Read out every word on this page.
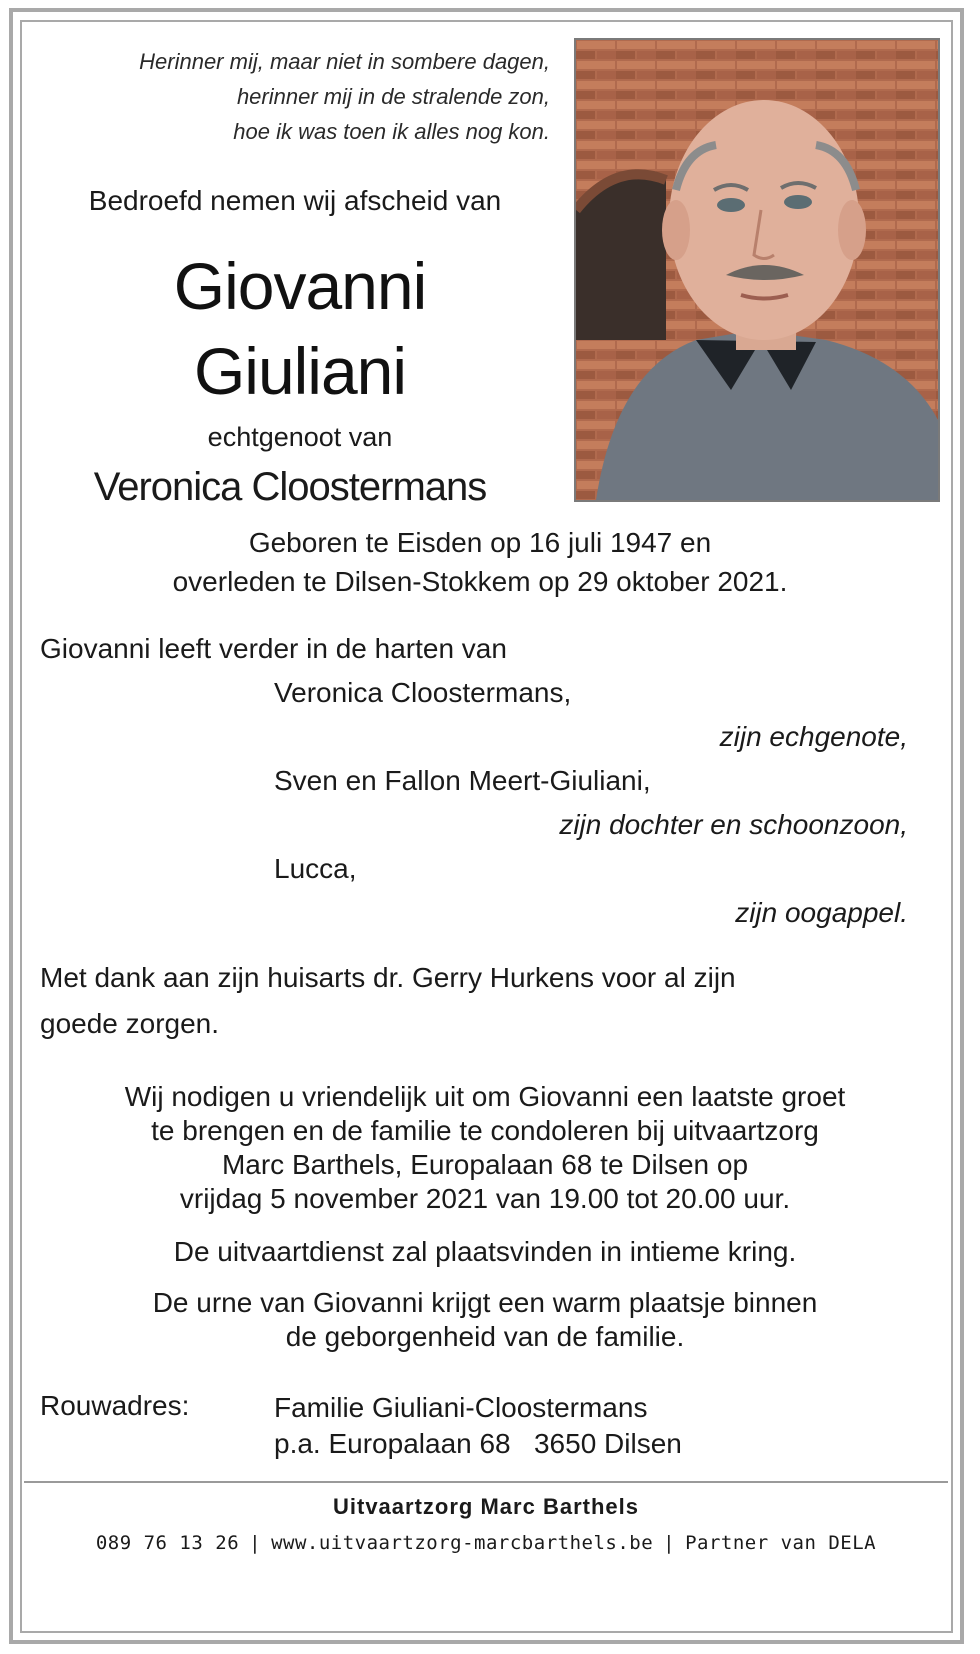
Herinner mij, maar niet in sombere dagen,
herinner mij in de stralende zon,
hoe ik was toen ik alles nog kon.
Bedroefd nemen wij afscheid van
Giovanni
Giuliani
echtgenoot van
Veronica Cloostermans
Geboren te Eisden op 16 juli 1947 en
overleden te Dilsen-Stokkem op 29 oktober 2021.
Giovanni leeft verder in de harten van
Veronica Cloostermans,
zijn echgenote,
Sven en Fallon Meert-Giuliani,
zijn dochter en schoonzoon,
Lucca,
zijn oogappel.
Met dank aan zijn huisarts dr. Gerry Hurkens voor al zijn goede zorgen.
Wij nodigen u vriendelijk uit om Giovanni een laatste groet
te brengen en de familie te condoleren bij uitvaartzorg
Marc Barthels, Europalaan 68 te Dilsen op
vrijdag 5 november 2021 van 19.00 tot 20.00 uur.
De uitvaartdienst zal plaatsvinden in intieme kring.
De urne van Giovanni krijgt een warm plaatsje binnen
de geborgenheid van de familie.
Rouwadres:	Familie Giuliani-Cloostermans
p.a. Europalaan 68   3650 Dilsen
Uitvaartzorg Marc Barthels
089 76 13 26 | www.uitvaartzorg-marcbarthels.be | Partner van DELA
